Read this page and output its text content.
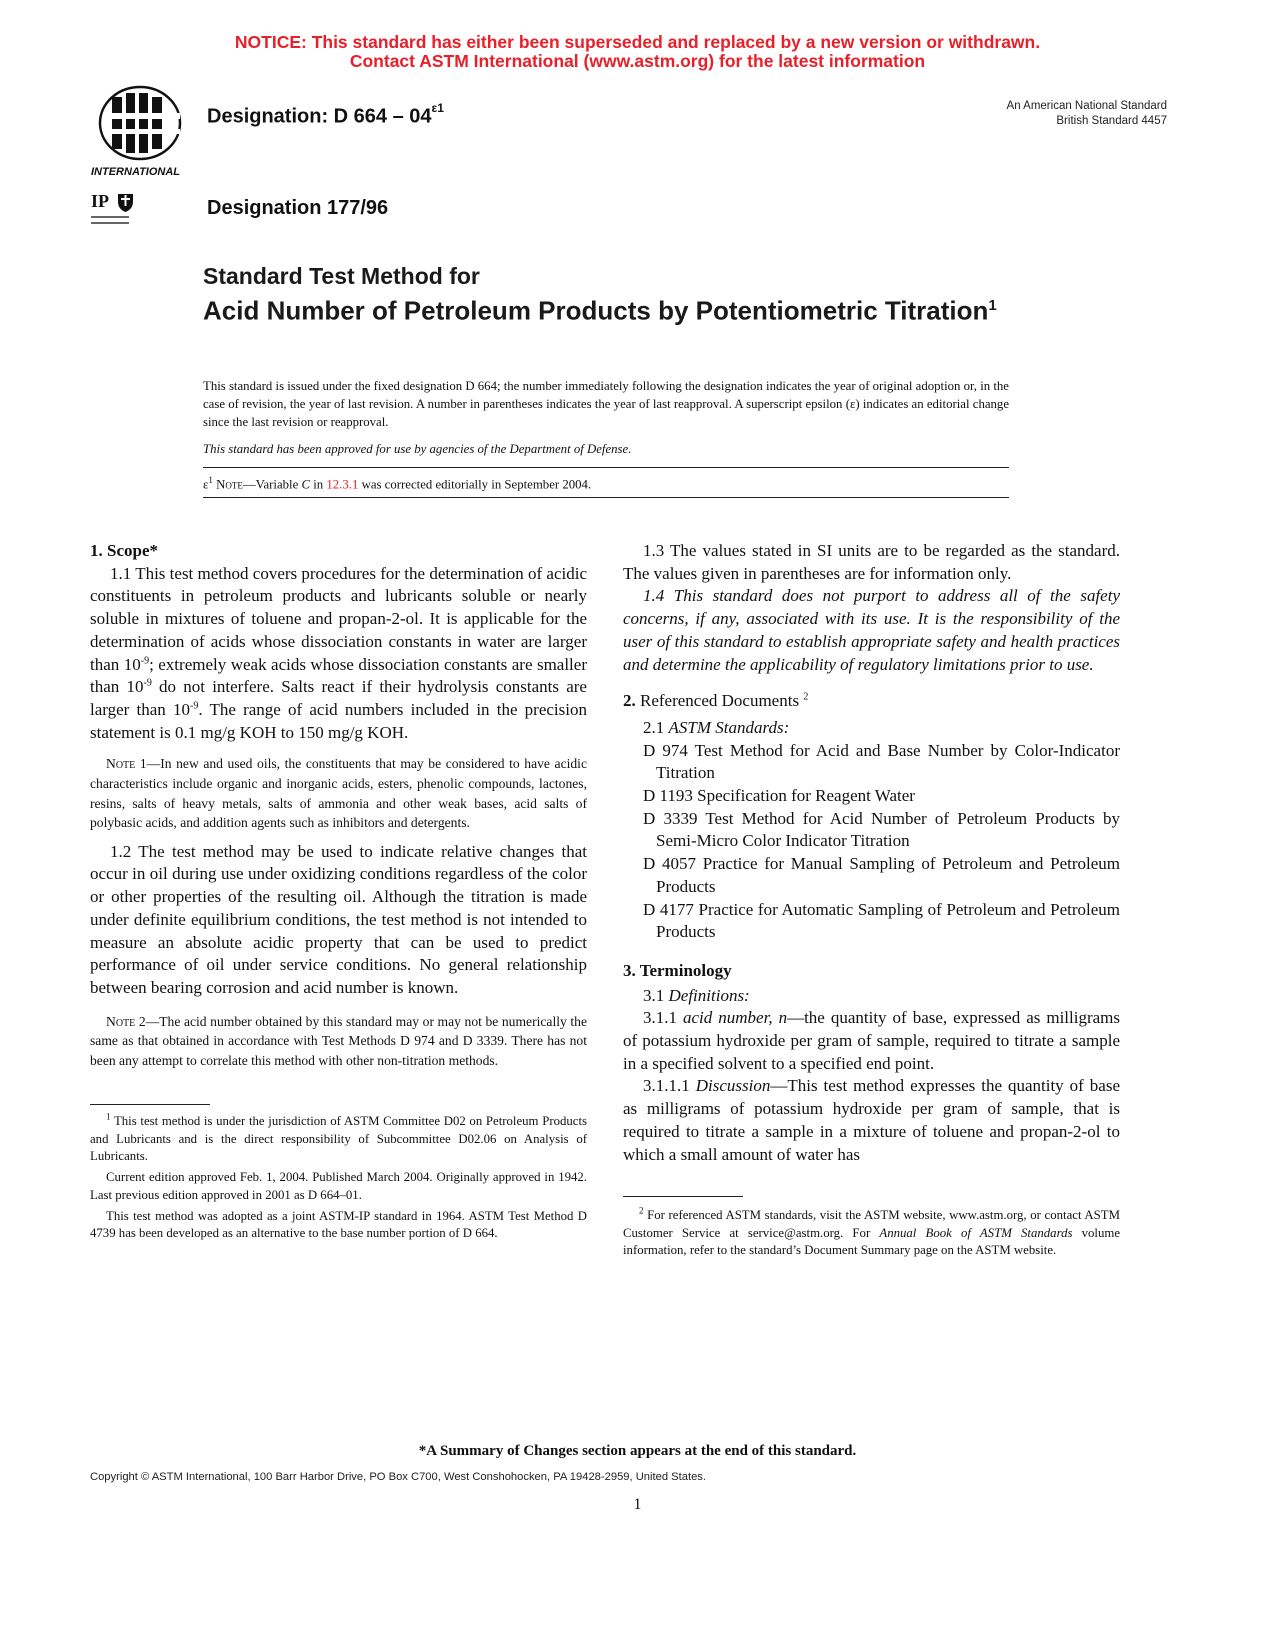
NOTICE: This standard has either been superseded and replaced by a new version or withdrawn.
Contact ASTM International (www.astm.org) for the latest information
INTERNATIONAL
IP
Designation: D $664 - 04^{\varepsilon 1}$
Designation 177/96
An American National Standard
British Standard 4457
Standard Test Method for
Acid Number of Petroleum Products by Potentiometric Titration$^1$
This standard is issued under the fixed designation D 664; the number immediately following the designation indicates the year of original adoption or, in the case of revision, the year of last revision. A number in parentheses indicates the year of last reapproval. A superscript epsilon (ε) indicates an editorial change since the last revision or reapproval.
This standard has been approved for use by agencies of the Department of Defense.
$\varepsilon^1$ Note—Variable C in 12.3.1 was corrected editorially in September 2004.

1. Scope*

1.1 This test method covers procedures for the determination of acidic constituents in petroleum products and lubricants soluble or nearly soluble in mixtures of toluene and propan-2-ol. It is applicable for the determination of acids whose dissociation constants in water are larger than $10^{-9}$; extremely weak acids whose dissociation constants are smaller than $10^{-9}$ do not interfere. Salts react if their hydrolysis constants are larger than $10^{-9}$. The range of acid numbers included in the precision statement is 0.1 mg/g KOH to 150 mg/g KOH.

Note 1—In new and used oils, the constituents that may be considered to have acidic characteristics include organic and inorganic acids, esters, phenolic compounds, lactones, resins, salts of heavy metals, salts of ammonia and other weak bases, acid salts of polybasic acids, and addition agents such as inhibitors and detergents.

1.2 The test method may be used to indicate relative changes that occur in oil during use under oxidizing conditions regardless of the color or other properties of the resulting oil. Although the titration is made under definite equilibrium conditions, the test method is not intended to measure an absolute acidic property that can be used to predict performance of oil under service conditions. No general relationship between bearing corrosion and acid number is known.

Note 2—The acid number obtained by this standard may or may not be numerically the same as that obtained in accordance with Test Methods D 974 and D 3339. There has not been any attempt to correlate this method with other non-titration methods.

$^1$ This test method is under the jurisdiction of ASTM Committee D02 on Petroleum Products and Lubricants and is the direct responsibility of Subcommittee D02.06 on Analysis of Lubricants.

Current edition approved Feb. 1, 2004. Published March 2004. Originally approved in 1942. Last previous edition approved in 2001 as D 664–01.

This test method was adopted as a joint ASTM-IP standard in 1964. ASTM Test Method D 4739 has been developed as an alternative to the base number portion of D 664.

1.3 The values stated in SI units are to be regarded as the standard. The values given in parentheses are for information only.

1.4 This standard does not purport to address all of the safety concerns, if any, associated with its use. It is the responsibility of the user of this standard to establish appropriate safety and health practices and determine the applicability of regulatory limitations prior to use.

2. Referenced Documents $^2$

2.1 ASTM Standards:

D 974 Test Method for Acid and Base Number by Color-Indicator Titration

D 1193 Specification for Reagent Water

D 3339 Test Method for Acid Number of Petroleum Products by Semi-Micro Color Indicator Titration

D 4057 Practice for Manual Sampling of Petroleum and Petroleum Products

D 4177 Practice for Automatic Sampling of Petroleum and Petroleum Products

3. Terminology

3.1 Definitions:

3.1.1 acid number, n—the quantity of base, expressed as milligrams of potassium hydroxide per gram of sample, required to titrate a sample in a specified solvent to a specified end point.

3.1.1.1 Discussion—This test method expresses the quantity of base as milligrams of potassium hydroxide per gram of sample, that is required to titrate a sample in a mixture of toluene and propan-2-ol to which a small amount of water has

$^2$ For referenced ASTM standards, visit the ASTM website, www.astm.org, or contact ASTM Customer Service at service@astm.org. For Annual Book of ASTM Standards volume information, refer to the standard’s Document Summary page on the ASTM website.

*A Summary of Changes section appears at the end of this standard.
Copyright © ASTM International, 100 Barr Harbor Drive, PO Box C700, West Conshohocken, PA 19428-2959, United States.
1
